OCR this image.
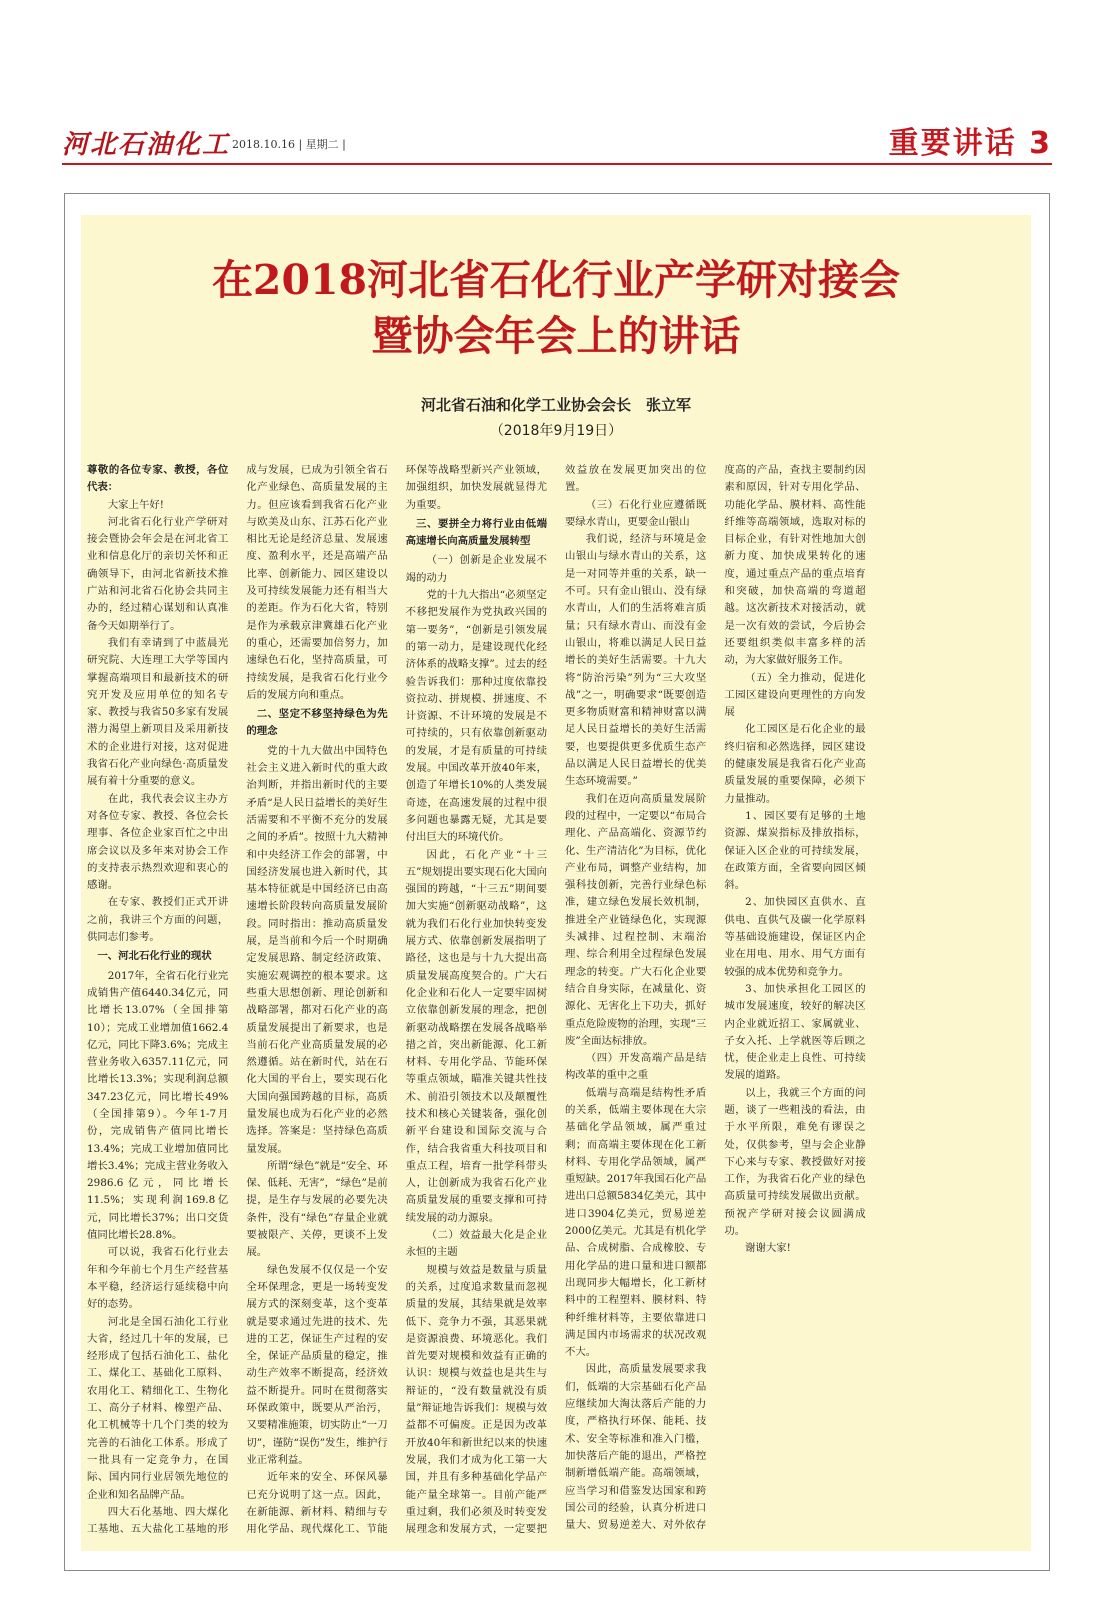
河北石油化工 2018.10.16 | 星期二 |	重要讲话 3
在2018河北省石化行业产学研对接会
暨协会年会上的讲话
河北省石油和化学工业协会会长　张立军
（2018年9月19日）

尊敬的各位专家、教授，各位代表：

大家上午好!

河北省石化行业产学研对接会暨协会年会是在河北省工业和信息化厅的亲切关怀和正确领导下，由河北省新技术推广站和河北省石化协会共同主办的，经过精心谋划和认真准备今天如期举行了。

我们有幸请到了中蓝晨光研究院、大连理工大学等国内掌握高端项目和最新技术的研究开发及应用单位的知名专家、教授与我省50多家有发展潜力渴望上新项目及采用新技术的企业进行对接，这对促进我省石化产业向绿色·高质量发展有着十分重要的意义。

在此，我代表会议主办方对各位专家、教授、各位会长理事、各位企业家百忙之中出席会议以及多年来对协会工作的支持表示热烈欢迎和衷心的感谢。

在专家、教授们正式开讲之前，我讲三个方面的问题，供同志们参考。

一、河北石化行业的现状

2017年，全省石化行业完成销售产值6440.34亿元，同比增长13.07%（全国排第10）；完成工业增加值1662.4亿元，同比下降3.6%；完成主营业务收入6357.11亿元，同比增长13.3%；实现利润总额347.23亿元，同比增长49%（全国排第9）。今年1-7月份，完成销售产值同比增长13.4%；完成工业增加值同比增长3.4%；完成主营业务收入2986.6亿元，同比增长11.5%；实现利润169.8亿元，同比增长37%；出口交货值同比增长28.8%。

可以说，我省石化行业去年和今年前七个月生产经营基本平稳，经济运行延续稳中向好的态势。

河北是全国石油化工行业大省，经过几十年的发展，已经形成了包括石油化工、盐化工、煤化工、基础化工原料、农用化工、精细化工、生物化工、高分子材料、橡塑产品、化工机械等十几个门类的较为完善的石油化工体系。形成了一批具有一定竞争力，在国际、国内同行业居领先地位的企业和知名品牌产品。

四大石化基地、四大煤化工基地、五大盐化工基地的形成与发展，已成为引领全省石化产业绿色、高质量发展的主力。但应该看到我省石化产业与欧美及山东、江苏石化产业相比无论是经济总量、发展速度、盈利水平，还是高端产品比率、创新能力、园区建设以及可持续发展能力还有相当大的差距。作为石化大省，特别是作为承载京津冀雄石化产业的重心，还需要加倍努力，加速绿色石化，坚持高质量，可持续发展，是我省石化行业今后的发展方向和重点。

二、坚定不移坚持绿色为先的理念

党的十九大做出中国特色社会主义进入新时代的重大政治判断，并指出新时代的主要矛盾“是人民日益增长的美好生活需要和不平衡不充分的发展之间的矛盾”。按照十九大精神和中央经济工作会的部署，中国经济发展也进入新时代，其基本特征就是中国经济已由高速增长阶段转向高质量发展阶段。同时指出：推动高质量发展，是当前和今后一个时期确定发展思路、制定经济政策、实施宏观调控的根本要求。这些重大思想创新、理论创新和战略部署，都对石化产业的高质量发展提出了新要求，也是当前石化产业高质量发展的必然遵循。站在新时代，站在石化大国的平台上，要实现石化大国向强国跨越的目标，高质量发展也成为石化产业的必然选择。答案是：坚持绿色高质量发展。

所谓“绿色”就是“安全、环保、低耗、无害”，“绿色”是前提，是生存与发展的必要先决条件，没有“绿色”存量企业就要被限产、关停，更谈不上发展。

绿色发展不仅仅是一个安全环保理念，更是一场转变发展方式的深刻变革，这个变革就是要求通过先进的技术、先进的工艺，保证生产过程的安全，保证产品质量的稳定，推动生产效率不断提高，经济效益不断提升。同时在贯彻落实环保政策中，既要从严治污，又要精准施策，切实防止“一刀切”，谨防“误伤”发生，维护行业正常利益。

近年来的安全、环保风暴已充分说明了这一点。因此，在新能源、新材料、精细与专用化学品、现代煤化工、节能环保等战略型新兴产业领域，加强组织，加快发展就显得尤为重要。

三、要拼全力将行业由低端高速增长向高质量发展转型

（一）创新是企业发展不竭的动力

党的十九大指出“必须坚定不移把发展作为党执政兴国的第一要务”，“创新是引领发展的第一动力，是建设现代化经济体系的战略支撑”。过去的经验告诉我们：那种过度依靠投资拉动、拼规模、拼速度、不计资源、不计环境的发展是不可持续的，只有依靠创新驱动的发展，才是有质量的可持续发展。中国改革开放40年来，创造了年增长10%的人类发展奇迹，在高速发展的过程中很多问题也暴露无疑，尤其是要付出巨大的环境代价。

因此，石化产业“十三五”规划提出要实现石化大国向强国的跨越，“十三五”期间要加大实施“创新驱动战略”，这就为我们石化行业加快转变发展方式、依靠创新发展指明了路径，这也是与十九大提出高质量发展高度契合的。广大石化企业和石化人一定要牢固树立依靠创新发展的理念，把创新驱动战略摆在发展各战略举措之首，突出新能源、化工新材料、专用化学品、节能环保等重点领域，瞄准关键共性技术、前沿引领技术以及颠覆性技术和核心关键装备，强化创新平台建设和国际交流与合作，结合我省重大科技项目和重点工程，培育一批学科带头人，让创新成为我省石化产业高质量发展的重要支撑和可持续发展的动力源泉。

（二）效益最大化是企业永恒的主题

规模与效益是数量与质量的关系，过度追求数量而忽视质量的发展，其结果就是效率低下、竞争力不强，其恶果就是资源浪费、环境恶化。我们首先要对规模和效益有正确的认识：规模与效益也是共生与辩证的，“没有数量就没有质量”辩证地告诉我们：规模与效益都不可偏废。正是因为改革开放40年和新世纪以来的快速发展，我们才成为化工第一大国，并且有多种基础化学品产能产量全球第一。目前产能严重过剩，我们必须及时转变发展理念和发展方式，一定要把效益放在发展更加突出的位置。

（三）石化行业应遵循既要绿水青山，更要金山银山

我们说，经济与环境是金山银山与绿水青山的关系，这是一对同等并重的关系，缺一不可。只有金山银山、没有绿水青山，人们的生活将难言质量；只有绿水青山、而没有金山银山，将难以满足人民日益增长的美好生活需要。十九大将“防治污染”列为“三大攻坚战”之一，明确要求“既要创造更多物质财富和精神财富以满足人民日益增长的美好生活需要，也要提供更多优质生态产品以满足人民日益增长的优美生态环境需要。”

我们在迈向高质量发展阶段的过程中，一定要以“布局合理化、产品高端化、资源节约化、生产清洁化”为目标，优化产业布局，调整产业结构，加强科技创新，完善行业绿色标准，建立绿色发展长效机制，推进全产业链绿色化，实现源头减排、过程控制、末端治理、综合利用全过程绿色发展理念的转变。广大石化企业要结合自身实际，在减量化、资源化、无害化上下功夫，抓好重点危险废物的治理，实现“三废”全面达标排放。

（四）开发高端产品是结构改革的重中之重

低端与高端是结构性矛盾的关系，低端主要体现在大宗基础化学品领域，属严重过剩；而高端主要体现在化工新材料、专用化学品领域，属严重短缺。2017年我国石化产品进出口总额5834亿美元，其中进口3904亿美元，贸易逆差2000亿美元。尤其是有机化学品、合成树脂、合成橡胶、专用化学品的进口量和进口额都出现同步大幅增长，化工新材料中的工程塑料、膜材料、特种纤维材料等，主要依靠进口满足国内市场需求的状况改观不大。

因此，高质量发展要求我们，低端的大宗基础石化产品应继续加大淘汰落后产能的力度，严格执行环保、能耗、技术、安全等标准和准入门槛，加快落后产能的退出，严格控制新增低端产能。高端领域，应当学习和借鉴发达国家和跨国公司的经验，认真分析进口量大、贸易逆差大、对外依存度高的产品，查找主要制约因素和原因，针对专用化学品、功能化学品、膜材料、高性能纤维等高端领域，选取对标的目标企业，有针对性地加大创新力度、加快成果转化的速度，通过重点产品的重点培育和突破，加快高端的弯道超越。这次新技术对接活动，就是一次有效的尝试，今后协会还要组织类似丰富多样的活动，为大家做好服务工作。

（五）全力推动，促进化工园区建设向更理性的方向发展

化工园区是石化企业的最终归宿和必然选择，园区建设的健康发展是我省石化产业高质量发展的重要保障，必须下力量推动。

1、园区要有足够的土地资源、煤炭指标及排放指标，保证入区企业的可持续发展，在政策方面，全省要向园区倾斜。

2、加快园区直供水、直供电、直供气及碳一化学原料等基础设施建设，保证区内企业在用电、用水、用气方面有较强的成本优势和竞争力。

3、加快承担化工园区的城市发展速度，较好的解决区内企业就近招工、家属就业、子女入托、上学就医等后顾之忧，使企业走上良性、可持续发展的道路。

以上，我就三个方面的问题，谈了一些粗浅的看法，由于水平所限，难免有谬误之处，仅供参考，望与会企业静下心来与专家、教授做好对接工作，为我省石化产业的绿色高质量可持续发展做出贡献。预祝产学研对接会议圆满成功。

谢谢大家!
